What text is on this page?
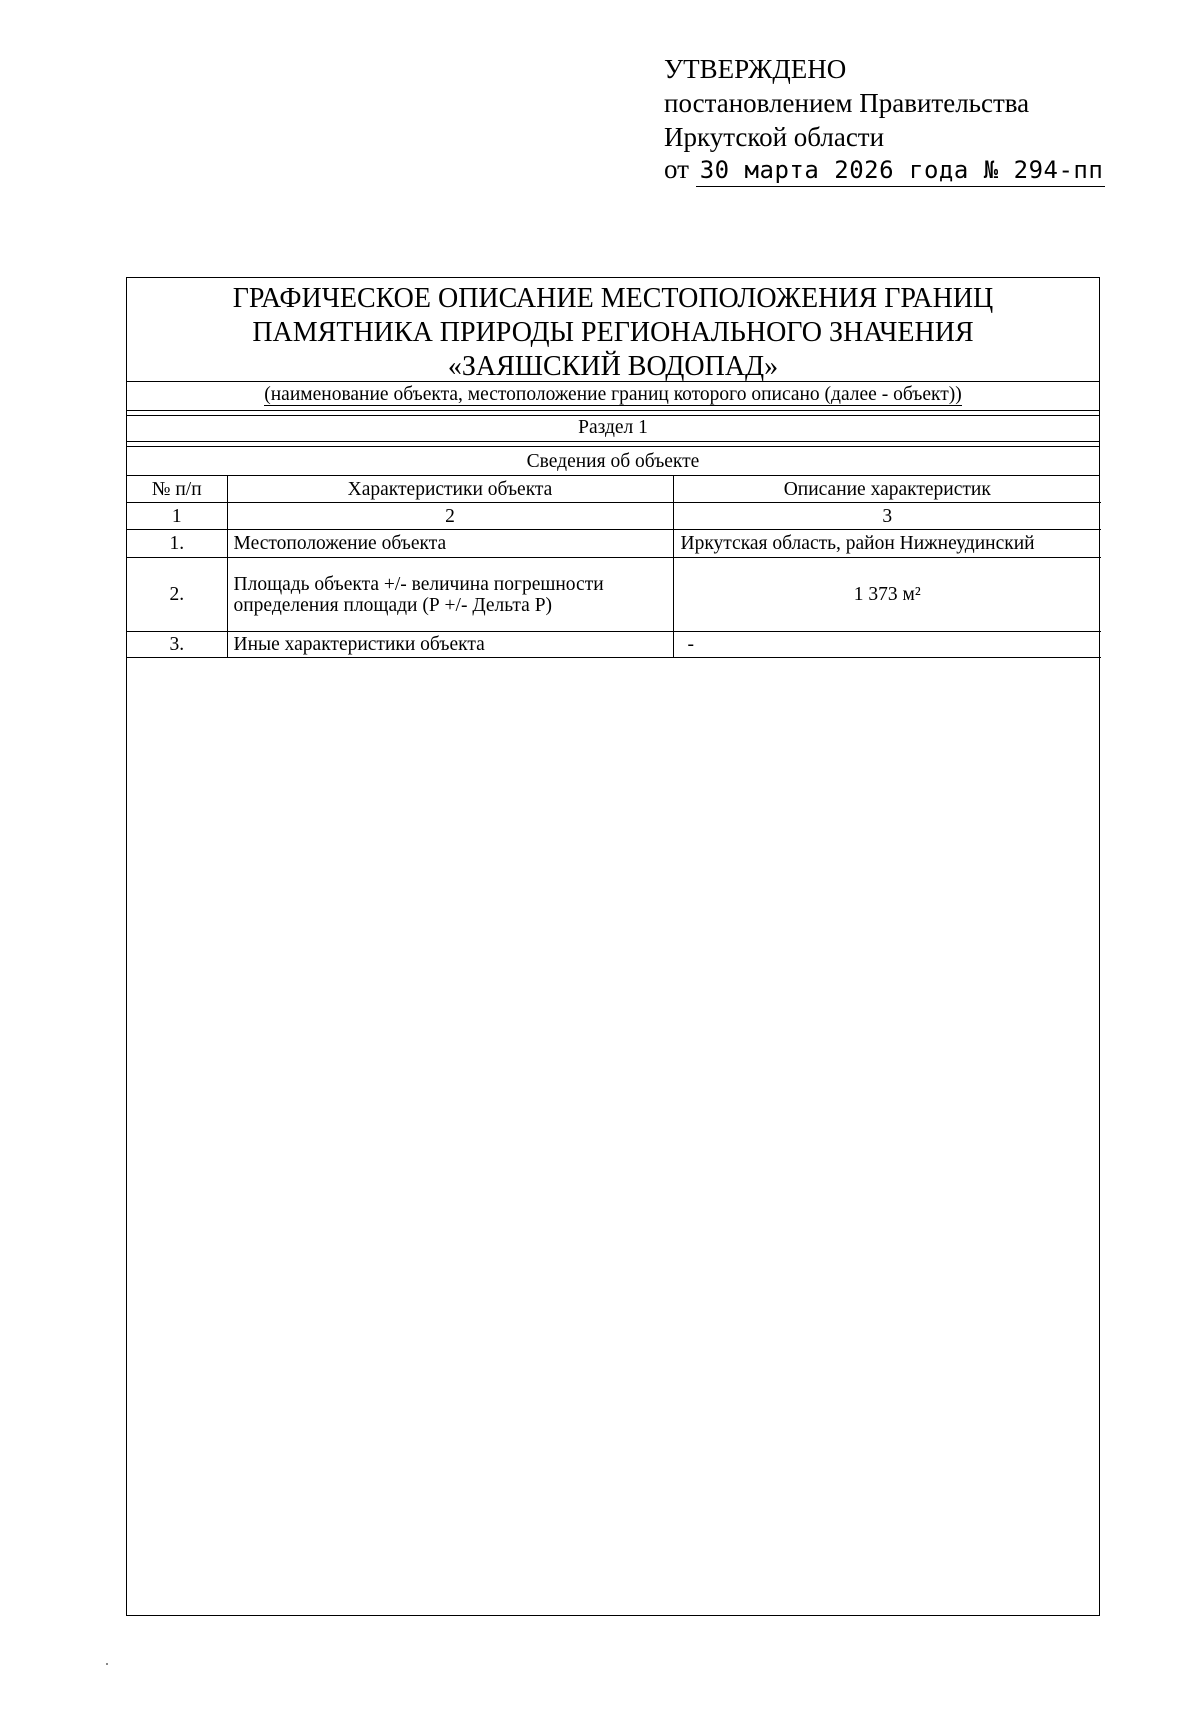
УТВЕРЖДЕНО
постановлением Правительства
Иркутской области
от 30 марта 2026 года № 294-пп
ГРАФИЧЕСКОЕ ОПИСАНИЕ МЕСТОПОЛОЖЕНИЯ ГРАНИЦ
ПАМЯТНИКА ПРИРОДЫ РЕГИОНАЛЬНОГО ЗНАЧЕНИЯ
«ЗАЯШСКИЙ ВОДОПАД»
(наименование объекта, местоположение границ которого описано (далее - объект))
Раздел 1
Сведения об объекте
№ п/п	Характеристики объекта	Описание характеристик
1	2	3
1.	Местоположение объекта	Иркутская область, район Нижнеудинский
2.	Площадь объекта +/- величина погрешности определения площади (Р +/- Дельта Р)	1 373 м²
3.	Иные характеристики объекта	-
